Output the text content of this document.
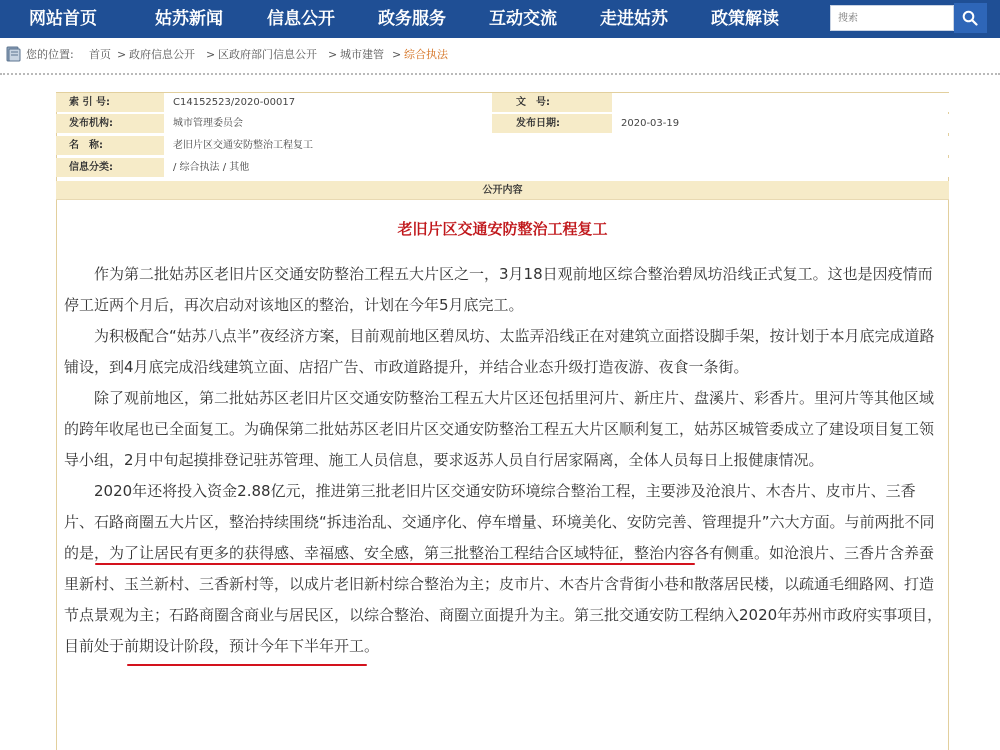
网站首页	姑苏新闻	信息公开	政务服务	互动交流	走进姑苏	政策解读
搜索
您的位置: 首页 > 政府信息公开 > 区政府部门信息公开 > 城市建管 > 综合执法
索 引 号:	C14152523/2020-00017	文　号:
发布机构:	城市管理委员会	发布日期:	2020-03-19
名　称:	老旧片区交通安防整治工程复工
信息分类:	/ 综合执法 / 其他
公开内容
老旧片区交通安防整治工程复工

作为第二批姑苏区老旧片区交通安防整治工程五大片区之一，3月18日观前地区综合整治碧凤坊沿线正式复工。这也是因疫情而停工近两个月后，再次启动对该地区的整治，计划在今年5月底完工。

为积极配合“姑苏八点半”夜经济方案，目前观前地区碧凤坊、太监弄沿线正在对建筑立面搭设脚手架，按计划于本月底完成道路铺设，到4月底完成沿线建筑立面、店招广告、市政道路提升，并结合业态升级打造夜游、夜食一条街。

除了观前地区，第二批姑苏区老旧片区交通安防整治工程五大片区还包括里河片、新庄片、盘溪片、彩香片。里河片等其他区域的跨年收尾也已全面复工。为确保第二批姑苏区老旧片区交通安防整治工程五大片区顺利复工，姑苏区城管委成立了建设项目复工领导小组，2月中旬起摸排登记驻苏管理、施工人员信息，要求返苏人员自行居家隔离，全体人员每日上报健康情况。

2020年还将投入资金2.88亿元，推进第三批老旧片区交通安防环境综合整治工程，主要涉及沧浪片、木杏片、皮市片、三香片、石路商圈五大片区，整治持续围绕“拆违治乱、交通序化、停车增量、环境美化、安防完善、管理提升”六大方面。与前两批不同的是，为了让居民有更多的获得感、幸福感、安全感，第三批整治工程结合区域特征，整治内容各有侧重。如沧浪片、三香片含养蚕里新村、玉兰新村、三香新村等，以成片老旧新村综合整治为主；皮市片、木杏片含背街小巷和散落居民楼，以疏通毛细路网、打造节点景观为主；石路商圈含商业与居民区，以综合整治、商圈立面提升为主。第三批交通安防工程纳入2020年苏州市政府实事项目，目前处于前期设计阶段，预计今年下半年开工。
